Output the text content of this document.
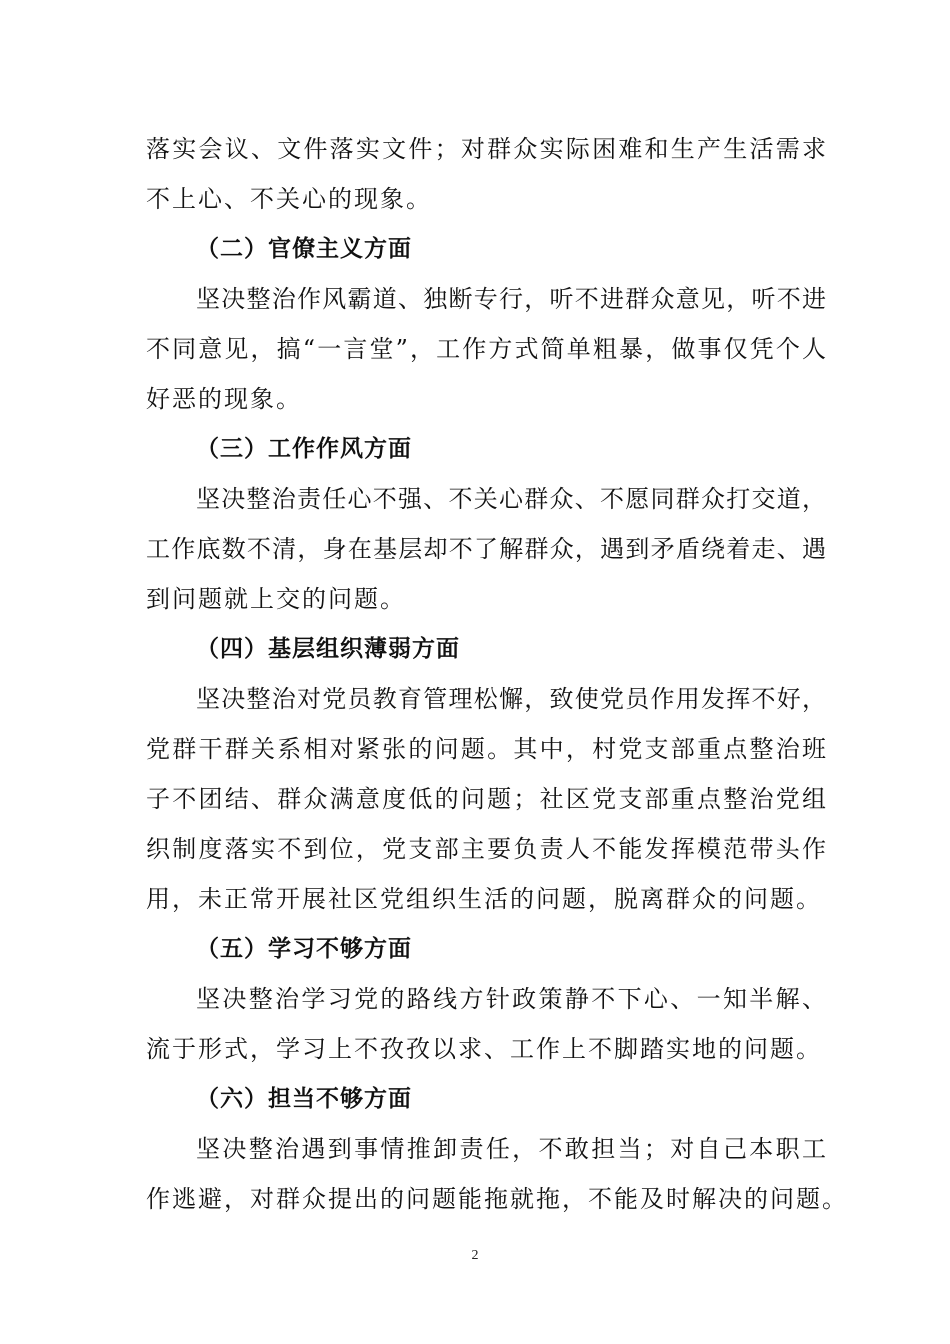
落实会议、文件落实文件；对群众实际困难和生产生活需求
不上心、不关心的现象。
（二）官僚主义方面
坚决整治作风霸道、独断专行，听不进群众意见，听不进
不同意见，搞“一言堂”，工作方式简单粗暴，做事仅凭个人
好恶的现象。
（三）工作作风方面
坚决整治责任心不强、不关心群众、不愿同群众打交道，
工作底数不清，身在基层却不了解群众，遇到矛盾绕着走、遇
到问题就上交的问题。
（四）基层组织薄弱方面
坚决整治对党员教育管理松懈，致使党员作用发挥不好，
党群干群关系相对紧张的问题。其中，村党支部重点整治班
子不团结、群众满意度低的问题；社区党支部重点整治党组
织制度落实不到位，党支部主要负责人不能发挥模范带头作
用，未正常开展社区党组织生活的问题，脱离群众的问题。
（五）学习不够方面
坚决整治学习党的路线方针政策静不下心、一知半解、
流于形式，学习上不孜孜以求、工作上不脚踏实地的问题。
（六）担当不够方面
坚决整治遇到事情推卸责任，不敢担当；对自己本职工
作逃避，对群众提出的问题能拖就拖，不能及时解决的问题。
2
